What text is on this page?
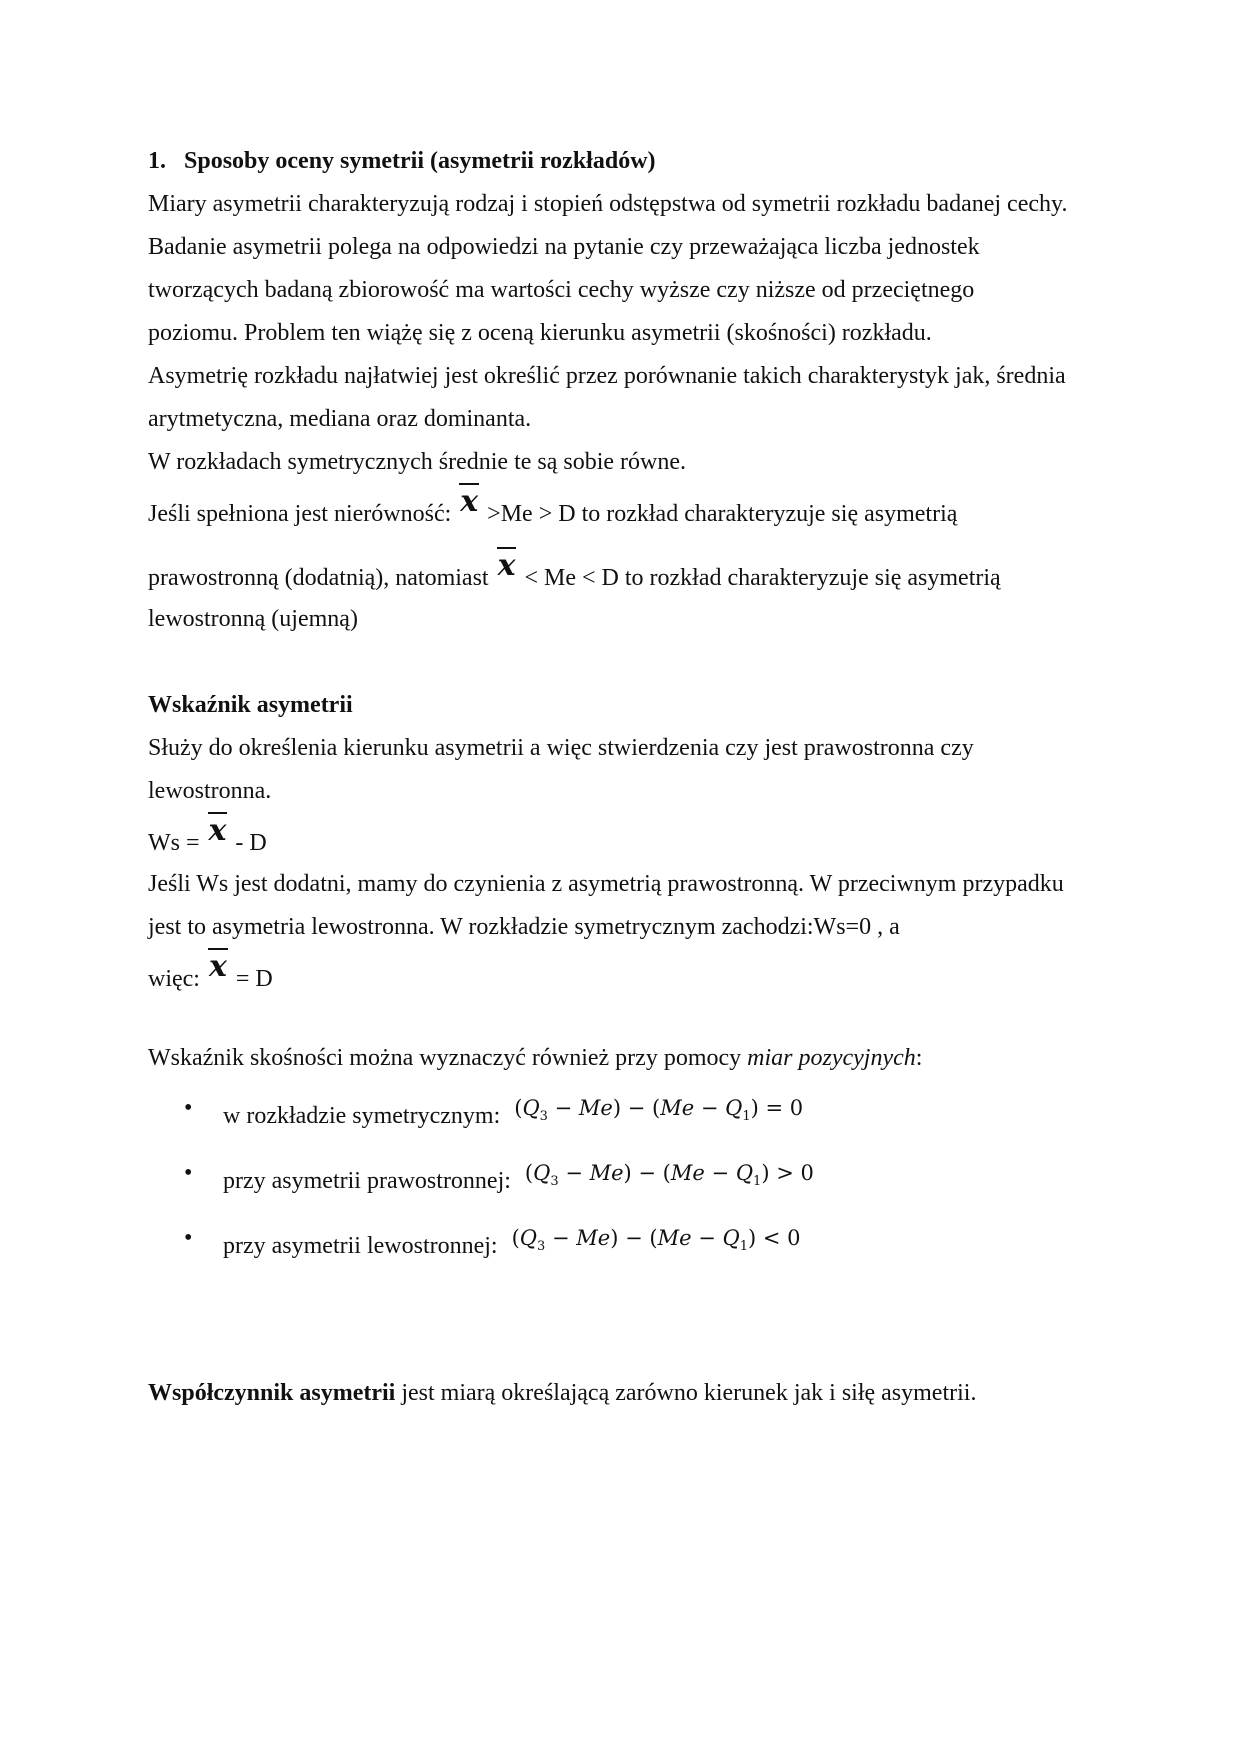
1. Sposoby oceny symetrii (asymetrii rozkładów)

Miary asymetrii charakteryzują rodzaj i stopień odstępstwa od symetrii rozkładu badanej cechy.

Badanie asymetrii polega na odpowiedzi na pytanie czy przeważająca liczba jednostek tworzących badaną zbiorowość ma wartości cechy wyższe czy niższe od przeciętnego poziomu. Problem ten wiążę się z oceną kierunku asymetrii (skośności) rozkładu.

Asymetrię rozkładu najłatwiej jest określić przez porównanie takich charakterystyk jak, średnia arytmetyczna, mediana oraz dominanta.

W rozkładach symetrycznych średnie te są sobie równe.

Jeśli spełniona jest nierówność: x >Me > D to rozkład charakteryzuje się asymetrią

prawostronną (dodatnią), natomiast x < Me < D to rozkład charakteryzuje się asymetrią

lewostronną (ujemną)

Wskaźnik asymetrii

Służy do określenia kierunku asymetrii a więc stwierdzenia czy jest prawostronna czy lewostronna.

Ws = x - D

Jeśli Ws jest dodatni, mamy do czynienia z asymetrią prawostronną. W przeciwnym przypadku jest to asymetria lewostronna. W rozkładzie symetrycznym zachodzi:Ws=0 , a

więc: x = D

Wskaźnik skośności można wyznaczyć również przy pomocy miar pozycyjnych:

• w rozkładzie symetrycznym: $(Q_3 - Me) - (Me - Q_1) = 0$
• przy asymetrii prawostronnej: $(Q_3 - Me) - (Me - Q_1) > 0$
• przy asymetrii lewostronnej: $(Q_3 - Me) - (Me - Q_1) < 0$

Współczynnik asymetrii jest miarą określającą zarówno kierunek jak i siłę asymetrii.
